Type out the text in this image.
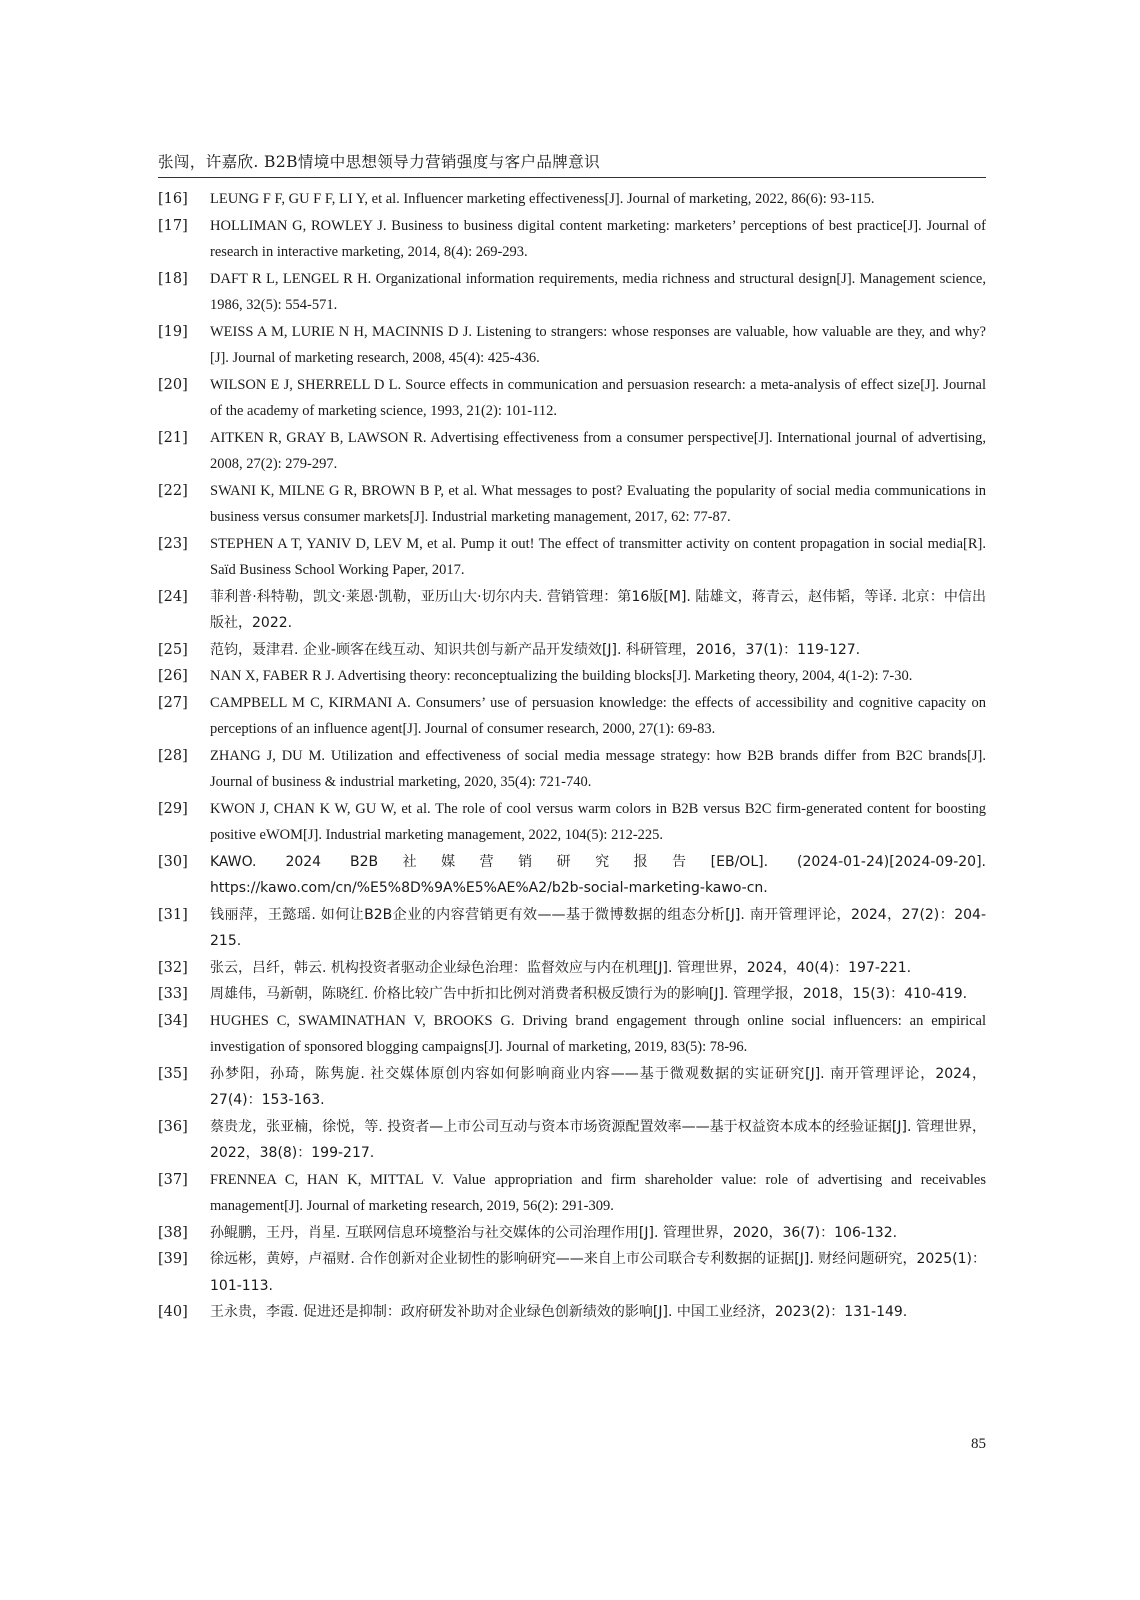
张闯，许嘉欣. B2B情境中思想领导力营销强度与客户品牌意识
[16]	LEUNG F F, GU F F, LI Y, et al. Influencer marketing effectiveness[J]. Journal of marketing, 2022, 86(6): 93-115.
[17]	HOLLIMAN G, ROWLEY J. Business to business digital content marketing: marketers’ perceptions of best practice[J]. Journal of research in interactive marketing, 2014, 8(4): 269-293.
[18]	DAFT R L, LENGEL R H. Organizational information requirements, media richness and structural design[J]. Management science, 1986, 32(5): 554-571.
[19]	WEISS A M, LURIE N H, MACINNIS D J. Listening to strangers: whose responses are valuable, how valuable are they, and why?[J]. Journal of marketing research, 2008, 45(4): 425-436.
[20]	WILSON E J, SHERRELL D L. Source effects in communication and persuasion research: a meta-analysis of effect size[J]. Journal of the academy of marketing science, 1993, 21(2): 101-112.
[21]	AITKEN R, GRAY B, LAWSON R. Advertising effectiveness from a consumer perspective[J]. International journal of advertising, 2008, 27(2): 279-297.
[22]	SWANI K, MILNE G R, BROWN B P, et al. What messages to post? Evaluating the popularity of social media communications in business versus consumer markets[J]. Industrial marketing management, 2017, 62: 77-87.
[23]	STEPHEN A T, YANIV D, LEV M, et al. Pump it out! The effect of transmitter activity on content propagation in social media[R]. Saïd Business School Working Paper, 2017.
[24]	菲利普·科特勒，凯文·莱恩·凯勒，亚历山大·切尔内夫. 营销管理：第16版[M]. 陆雄文，蒋青云，赵伟韬，等译. 北京：中信出版社，2022.
[25]	范钧，聂津君. 企业-顾客在线互动、知识共创与新产品开发绩效[J]. 科研管理，2016，37(1)：119-127.
[26]	NAN X, FABER R J. Advertising theory: reconceptualizing the building blocks[J]. Marketing theory, 2004, 4(1-2): 7-30.
[27]	CAMPBELL M C, KIRMANI A. Consumers’ use of persuasion knowledge: the effects of accessibility and cognitive capacity on perceptions of an influence agent[J]. Journal of consumer research, 2000, 27(1): 69-83.
[28]	ZHANG J, DU M. Utilization and effectiveness of social media message strategy: how B2B brands differ from B2C brands[J]. Journal of business & industrial marketing, 2020, 35(4): 721-740.
[29]	KWON J, CHAN K W, GU W, et al. The role of cool versus warm colors in B2B versus B2C firm-generated content for boosting positive eWOM[J]. Industrial marketing management, 2022, 104(5): 212-225.
[30]	KAWO. 2024 B2B社媒营销研究报告[EB/OL]. (2024-01-24)[2024-09-20]. https://kawo.com/cn/%E5%8D%9A%E5%AE%A2/b2b-social-marketing-kawo-cn.
[31]	钱丽萍，王懿瑶. 如何让B2B企业的内容营销更有效——基于微博数据的组态分析[J]. 南开管理评论，2024，27(2)：204-215.
[32]	张云，吕纤，韩云. 机构投资者驱动企业绿色治理：监督效应与内在机理[J]. 管理世界，2024，40(4)：197-221.
[33]	周雄伟，马新朝，陈晓红. 价格比较广告中折扣比例对消费者积极反馈行为的影响[J]. 管理学报，2018，15(3)：410-419.
[34]	HUGHES C, SWAMINATHAN V, BROOKS G. Driving brand engagement through online social influencers: an empirical investigation of sponsored blogging campaigns[J]. Journal of marketing, 2019, 83(5): 78-96.
[35]	孙梦阳，孙琦，陈隽旎. 社交媒体原创内容如何影响商业内容——基于微观数据的实证研究[J]. 南开管理评论，2024，27(4)：153-163.
[36]	蔡贵龙，张亚楠，徐悦，等. 投资者—上市公司互动与资本市场资源配置效率——基于权益资本成本的经验证据[J]. 管理世界，2022，38(8)：199-217.
[37]	FRENNEA C, HAN K, MITTAL V. Value appropriation and firm shareholder value: role of advertising and receivables management[J]. Journal of marketing research, 2019, 56(2): 291-309.
[38]	孙鲲鹏，王丹，肖星. 互联网信息环境整治与社交媒体的公司治理作用[J]. 管理世界，2020，36(7)：106-132.
[39]	徐远彬，黄婷，卢福财. 合作创新对企业韧性的影响研究——来自上市公司联合专利数据的证据[J]. 财经问题研究，2025(1)：101-113.
[40]	王永贵，李霞. 促进还是抑制：政府研发补助对企业绿色创新绩效的影响[J]. 中国工业经济，2023(2)：131-149.
85
